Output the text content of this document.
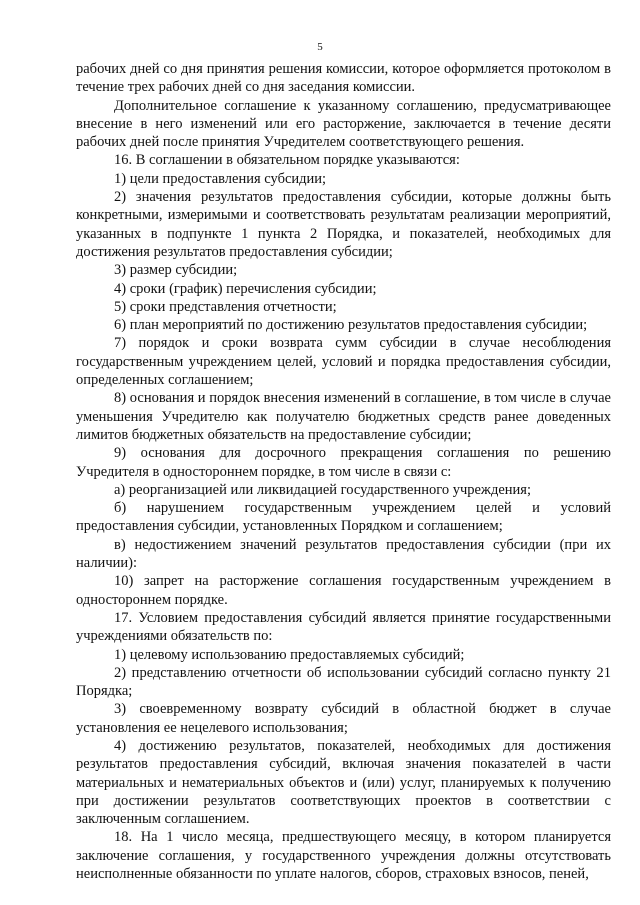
5

рабочих дней со дня принятия решения комиссии, которое оформляется протоколом в течение трех рабочих дней со дня заседания комиссии.

Дополнительное соглашение к указанному соглашению, предусматривающее внесение в него изменений или его расторжение, заключается в течение десяти рабочих дней после принятия Учредителем соответствующего решения.

16. В соглашении в обязательном порядке указываются:

1) цели предоставления субсидии;

2) значения результатов предоставления субсидии, которые должны быть конкретными, измеримыми и соответствовать результатам реализации мероприятий, указанных в подпункте 1 пункта 2 Порядка, и показателей, необходимых для достижения результатов предоставления субсидии;

3) размер субсидии;

4) сроки (график) перечисления субсидии;

5) сроки представления отчетности;

6) план мероприятий по достижению результатов предоставления субсидии;

7) порядок и сроки возврата сумм субсидии в случае несоблюдения государственным учреждением целей, условий и порядка предоставления субсидии, определенных соглашением;

8) основания и порядок внесения изменений в соглашение, в том числе в случае уменьшения Учредителю как получателю бюджетных средств ранее доведенных лимитов бюджетных обязательств на предоставление субсидии;

9) основания для досрочного прекращения соглашения по решению Учредителя в одностороннем порядке, в том числе в связи с:

а) реорганизацией или ликвидацией государственного учреждения;

б) нарушением государственным учреждением целей и условий предоставления субсидии, установленных Порядком и соглашением;

в) недостижением значений результатов предоставления субсидии (при их наличии):

10) запрет на расторжение соглашения государственным учреждением в одностороннем порядке.

17. Условием предоставления субсидий является принятие государственными учреждениями обязательств по:

1) целевому использованию предоставляемых субсидий;

2) представлению отчетности об использовании субсидий согласно пункту 21 Порядка;

3) своевременному возврату субсидий в областной бюджет в случае установления ее нецелевого использования;

4) достижению результатов, показателей, необходимых для достижения результатов предоставления субсидий, включая значения показателей в части материальных и нематериальных объектов и (или) услуг, планируемых к получению при достижении результатов соответствующих проектов в соответствии с заключенным соглашением.

18. На 1 число месяца, предшествующего месяцу, в котором планируется заключение соглашения, у государственного учреждения должны отсутствовать неисполненные обязанности по уплате налогов, сборов, страховых взносов, пеней,
